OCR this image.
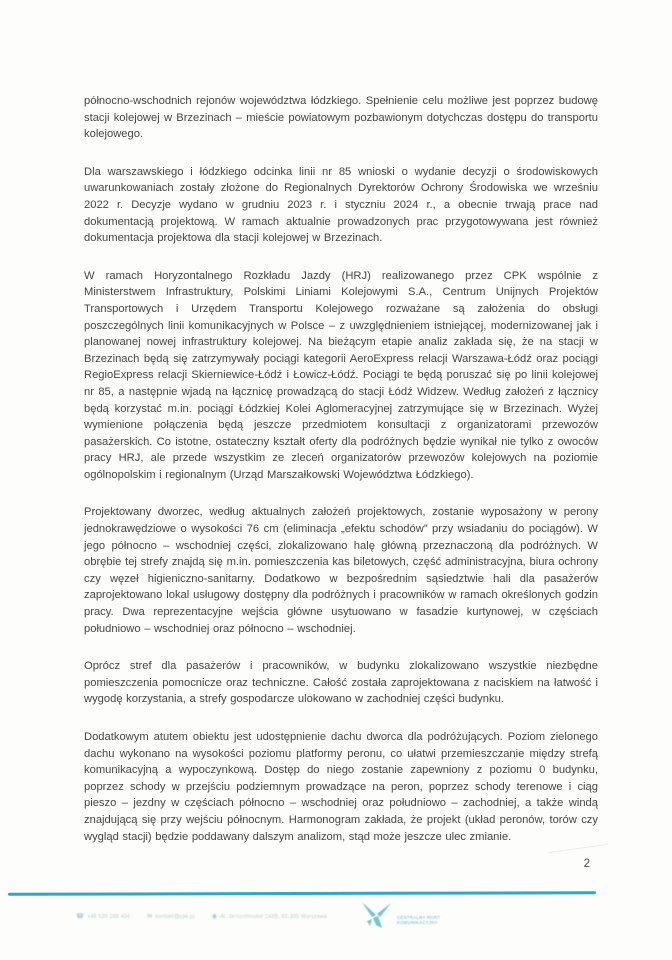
północno-wschodnich rejonów województwa łódzkiego. Spełnienie celu możliwe jest poprzez budowę stacji kolejowej w Brzezinach – mieście powiatowym pozbawionym dotychczas dostępu do transportu kolejowego.

Dla warszawskiego i łódzkiego odcinka linii nr 85 wnioski o wydanie decyzji o środowiskowych uwarunkowaniach zostały złożone do Regionalnych Dyrektorów Ochrony Środowiska we wrześniu 2022 r. Decyzje wydano w grudniu 2023 r. i styczniu 2024 r., a obecnie trwają prace nad dokumentacją projektową. W ramach aktualnie prowadzonych prac przygotowywana jest również dokumentacja projektowa dla stacji kolejowej w Brzezinach.

W ramach Horyzontalnego Rozkładu Jazdy (HRJ) realizowanego przez CPK wspólnie z Ministerstwem Infrastruktury, Polskimi Liniami Kolejowymi S.A., Centrum Unijnych Projektów Transportowych i Urzędem Transportu Kolejowego rozważane są założenia do obsługi poszczególnych linii komunikacyjnych w Polsce – z uwzględnieniem istniejącej, modernizowanej jak i planowanej nowej infrastruktury kolejowej. Na bieżącym etapie analiz zakłada się, że na stacji w Brzezinach będą się zatrzymywały pociągi kategorii AeroExpress relacji Warszawa-Łódź oraz pociągi RegioExpress relacji Skierniewice-Łódź i Łowicz-Łódź. Pociągi te będą poruszać się po linii kolejowej nr 85, a następnie wjadą na łącznicę prowadzącą do stacji Łódź Widzew. Według założeń z łącznicy będą korzystać m.in. pociągi Łódzkiej Kolei Aglomeracyjnej zatrzymujące się w Brzezinach. Wyżej wymienione połączenia będą jeszcze przedmiotem konsultacji z organizatorami przewozów pasażerskich. Co istotne, ostateczny kształt oferty dla podróżnych będzie wynikał nie tylko z owoców pracy HRJ, ale przede wszystkim ze zleceń organizatorów przewozów kolejowych na poziomie ogólnopolskim i regionalnym (Urząd Marszałkowski Województwa Łódzkiego).

Projektowany dworzec, według aktualnych założeń projektowych, zostanie wyposażony w perony jednokrawędziowe o wysokości 76 cm (eliminacja „efektu schodów” przy wsiadaniu do pociągów). W jego północno – wschodniej części, zlokalizowano halę główną przeznaczoną dla podróżnych. W obrębie tej strefy znajdą się m.in. pomieszczenia kas biletowych, część administracyjna, biura ochrony czy węzeł higieniczno-sanitarny. Dodatkowo w bezpośrednim sąsiedztwie hali dla pasażerów zaprojektowano lokal usługowy dostępny dla podróżnych i pracowników w ramach określonych godzin pracy. Dwa reprezentacyjne wejścia główne usytuowano w fasadzie kurtynowej, w częściach południowo – wschodniej oraz północno – wschodniej.

Oprócz stref dla pasażerów i pracowników, w budynku zlokalizowano wszystkie niezbędne pomieszczenia pomocnicze oraz techniczne. Całość została zaprojektowana z naciskiem na łatwość i wygodę korzystania, a strefy gospodarcze ulokowano w zachodniej części budynku.

Dodatkowym atutem obiektu jest udostępnienie dachu dworca dla podróżujących. Poziom zielonego dachu wykonano na wysokości poziomu platformy peronu, co ułatwi przemieszczanie między strefą komunikacyjną a wypoczynkową. Dostęp do niego zostanie zapewniony z poziomu 0 budynku, poprzez schody w przejściu podziemnym prowadzące na peron, poprzez schody terenowe i ciąg pieszo – jezdny w częściach północno – wschodniej oraz południowo – zachodniej, a także windą znajdującą się przy wejściu północnym. Harmonogram zakłada, że projekt (układ peronów, torów czy wygląd stacji) będzie poddawany dalszym analizom, stąd może jeszcze ulec zmianie.

2
☎ +48 539 188 404	✉ kontakt@cpk.pl	◉ Al. Jerozolimskie 142B, 02-305 Warszawa	CENTRALNY PORT
KOMUNIKACYJNY
